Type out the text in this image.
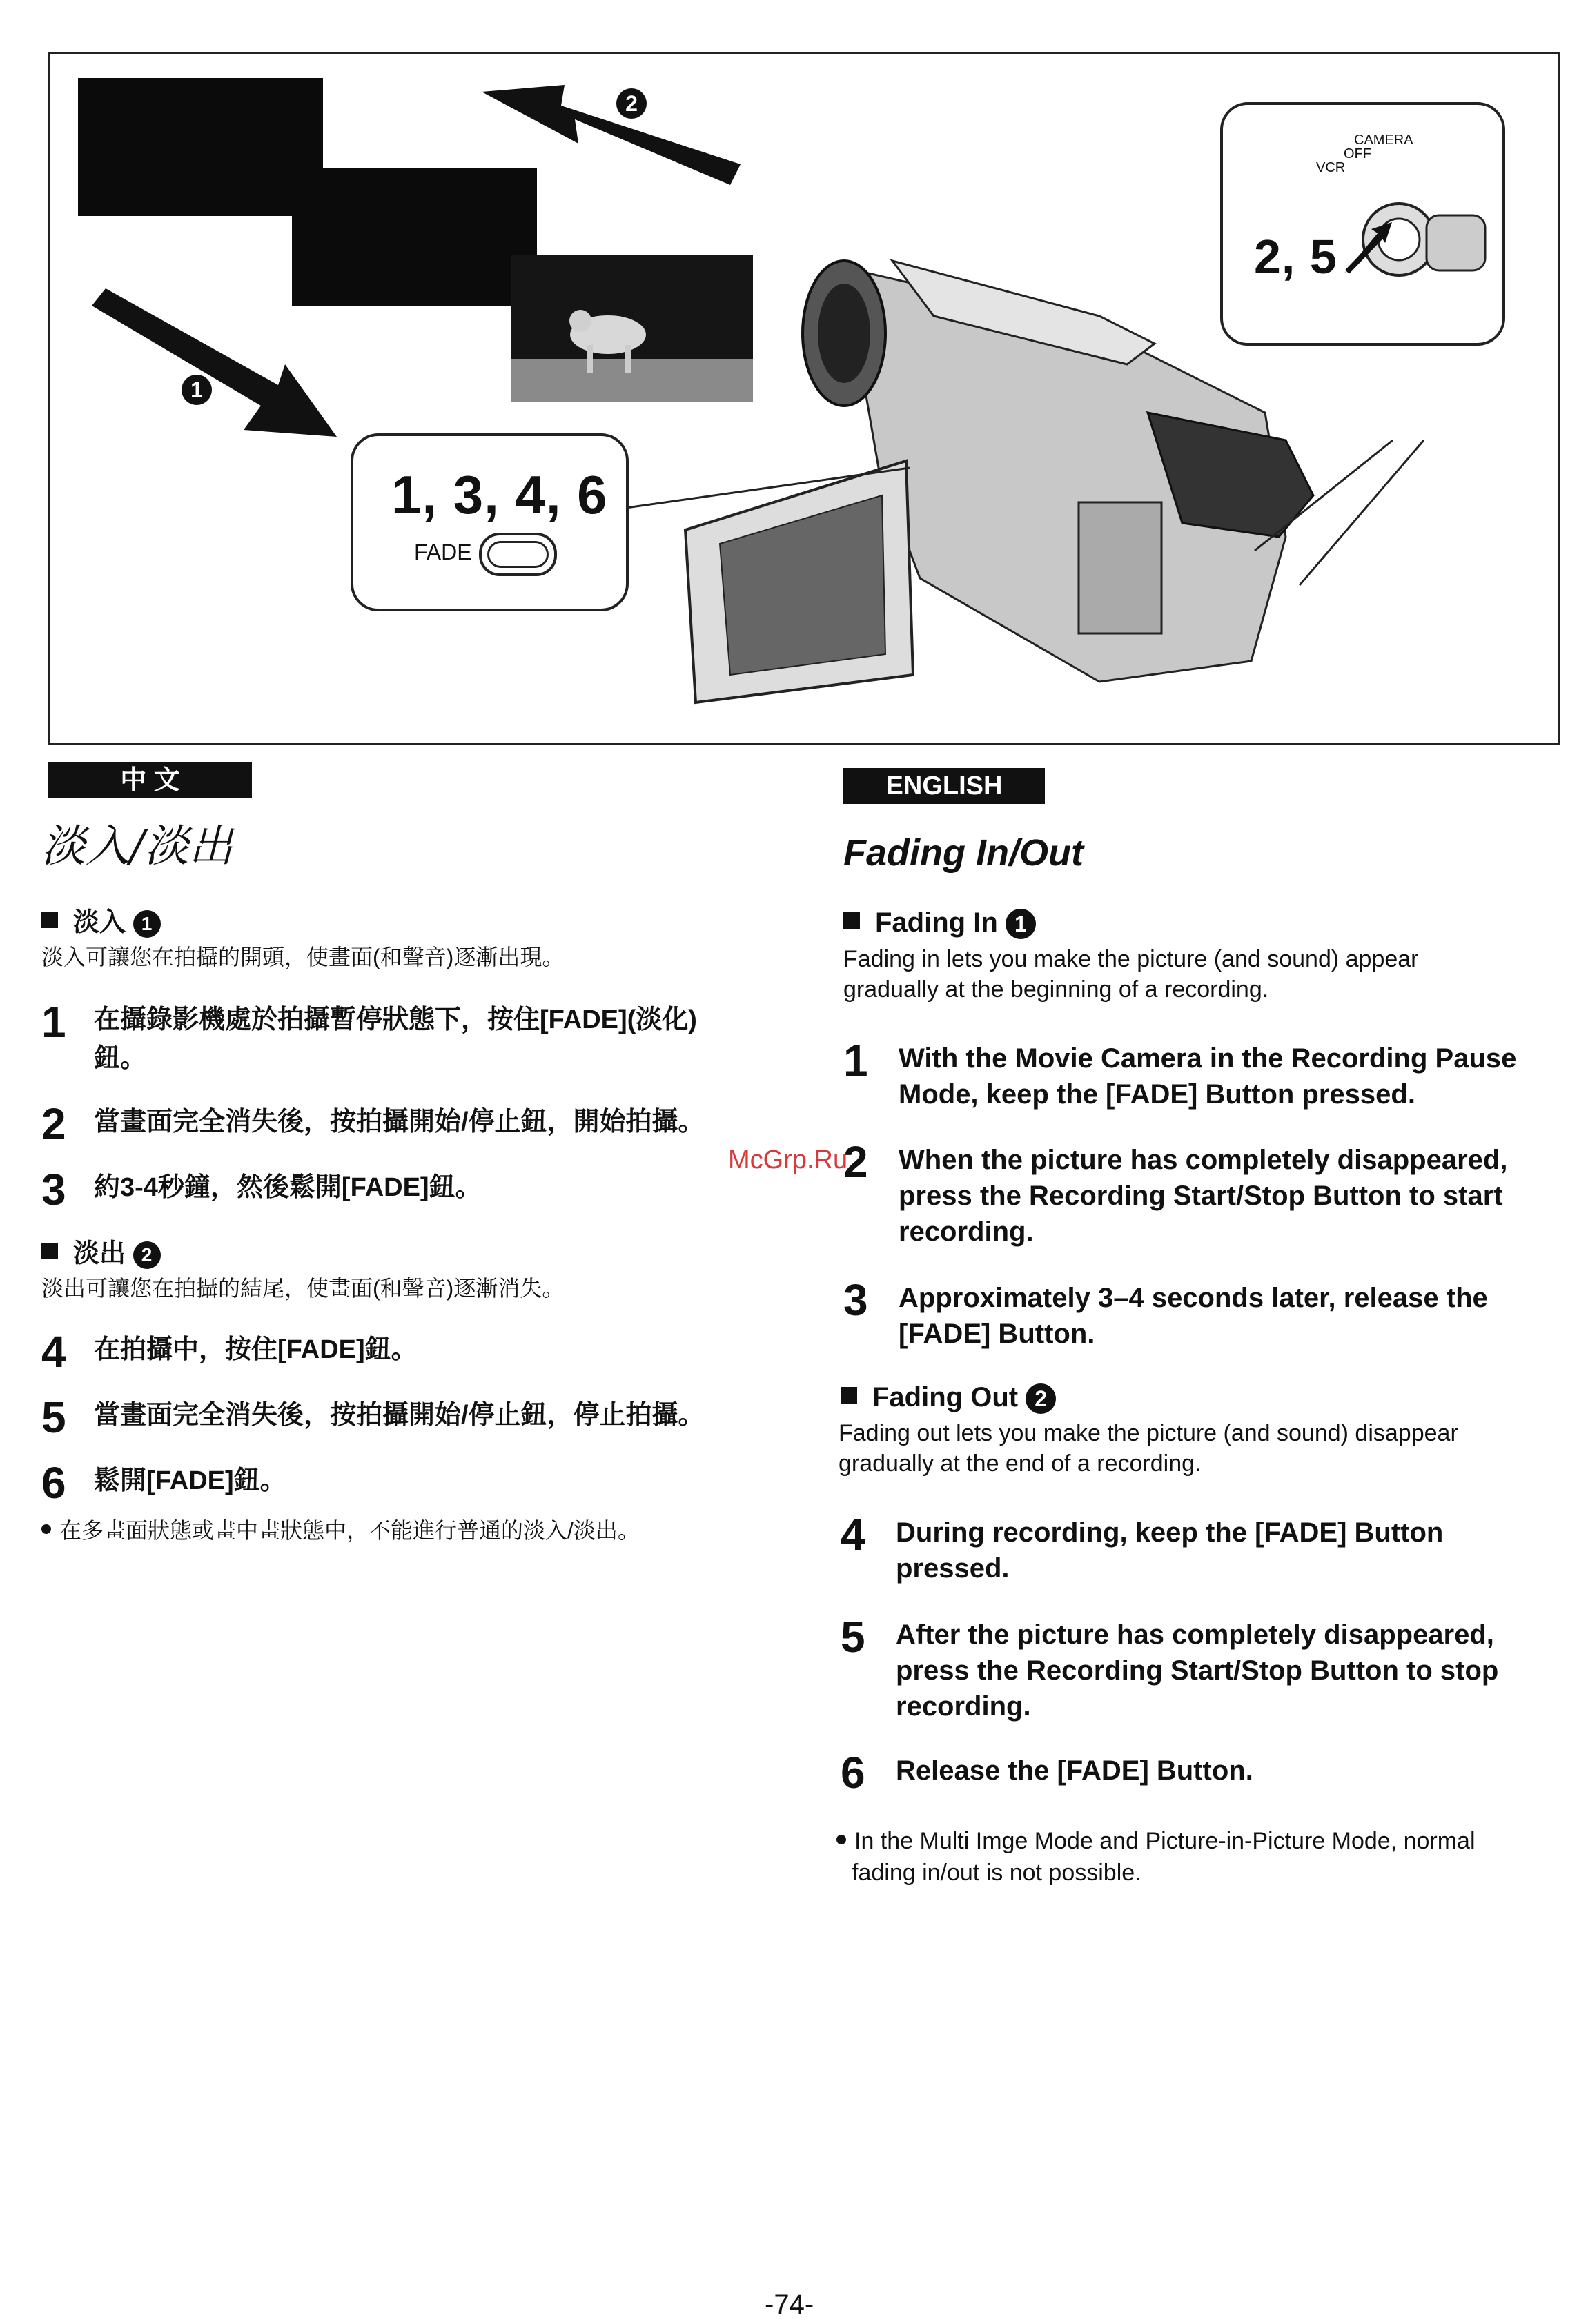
1
2
1, 3, 4, 6
FADE
2, 5
CAMERA
OFF
VCR
中 文
淡入/淡出
淡入 1
淡入可讓您在拍攝的開頭，使畫面(和聲音)逐漸出現。
1 在攝錄影機處於拍攝暫停狀態下，按住[FADE](淡化)
鈕。
2 當畫面完全消失後，按拍攝開始/停止鈕，開始拍攝。
3 約3-4秒鐘，然後鬆開[FADE]鈕。
淡出 2
淡出可讓您在拍攝的結尾，使畫面(和聲音)逐漸消失。
4 在拍攝中，按住[FADE]鈕。
5 當畫面完全消失後，按拍攝開始/停止鈕，停止拍攝。
6 鬆開[FADE]鈕。
在多畫面狀態或畫中畫狀態中，不能進行普通的淡入/淡出。
ENGLISH
Fading In/Out
Fading In 1
Fading in lets you make the picture (and sound) appear
gradually at the beginning of a recording.
1 With the Movie Camera in the Recording Pause
Mode, keep the [FADE] Button pressed.
2 When the picture has completely disappeared,
press the Recording Start/Stop Button to start
recording.
3 Approximately 3–4 seconds later, release the
[FADE] Button.
Fading Out 2
Fading out lets you make the picture (and sound) disappear
gradually at the end of a recording.
4 During recording, keep the [FADE] Button
pressed.
5 After the picture has completely disappeared,
press the Recording Start/Stop Button to stop
recording.
6 Release the [FADE] Button.
In the Multi Imge Mode and Picture-in-Picture Mode, normal
fading in/out is not possible.
McGrp.Ru
-74-
